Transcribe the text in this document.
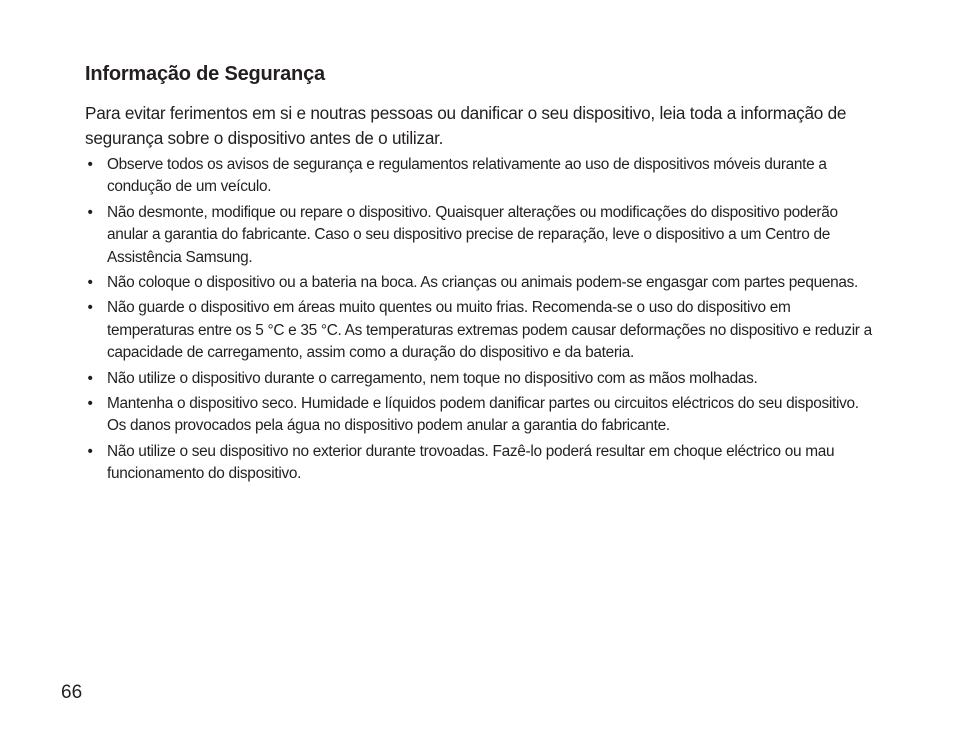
Informação de Segurança

Para evitar ferimentos em si e noutras pessoas ou danificar o seu dispositivo, leia toda a informação de segurança sobre o dispositivo antes de o utilizar.

• Observe todos os avisos de segurança e regulamentos relativamente ao uso de dispositivos móveis durante a condução de um veículo.
• Não desmonte, modifique ou repare o dispositivo. Quaisquer alterações ou modificações do dispositivo poderão anular a garantia do fabricante. Caso o seu dispositivo precise de reparação, leve o dispositivo a um Centro de Assistência Samsung.
• Não coloque o dispositivo ou a bateria na boca. As crianças ou animais podem-se engasgar com partes pequenas.
• Não guarde o dispositivo em áreas muito quentes ou muito frias. Recomenda-se o uso do dispositivo em temperaturas entre os 5 °C e 35 °C. As temperaturas extremas podem causar deformações no dispositivo e reduzir a capacidade de carregamento, assim como a duração do dispositivo e da bateria.
• Não utilize o dispositivo durante o carregamento, nem toque no dispositivo com as mãos molhadas.
• Mantenha o dispositivo seco. Humidade e líquidos podem danificar partes ou circuitos eléctricos do seu dispositivo. Os danos provocados pela água no dispositivo podem anular a garantia do fabricante.
• Não utilize o seu dispositivo no exterior durante trovoadas. Fazê-lo poderá resultar em choque eléctrico ou mau funcionamento do dispositivo.
66
